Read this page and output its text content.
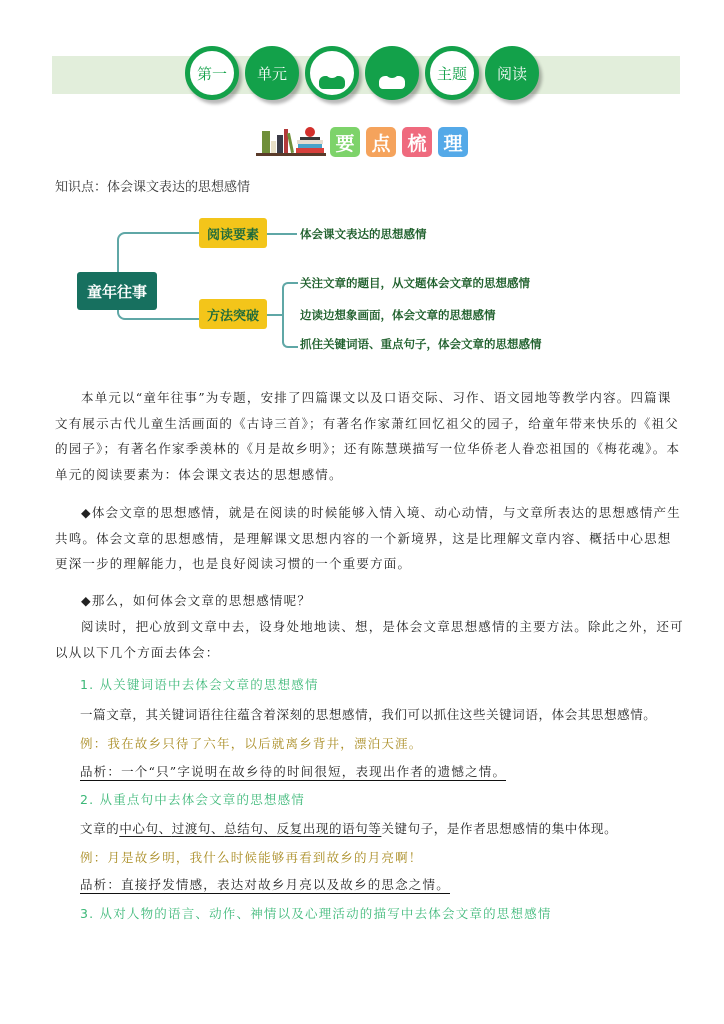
第一 单元	主题 阅读
要 点 梳 理
知识点：体会课文表达的思想感情
童年往事
阅读要素	体会课文表达的思想感情
方法突破
关注文章的题目，从文题体会文章的思想感情
边读边想象画面，体会文章的思想感情
抓住关键词语、重点句子，体会文章的思想感情
本单元以“童年往事”为专题，安排了四篇课文以及口语交际、习作、语文园地等教学内容。四篇课文有展示古代儿童生活画面的《古诗三首》；有著名作家萧红回忆祖父的园子，给童年带来快乐的《祖父的园子》；有著名作家季羡林的《月是故乡明》；还有陈慧瑛描写一位华侨老人眷恋祖国的《梅花魂》。本单元的阅读要素为：体会课文表达的思想感情。
◆体会文章的思想感情，就是在阅读的时候能够入情入境、动心动情，与文章所表达的思想感情产生共鸣。体会文章的思想感情，是理解课文思想内容的一个新境界，这是比理解文章内容、概括中心思想更深一步的理解能力，也是良好阅读习惯的一个重要方面。
◆那么，如何体会文章的思想感情呢？
阅读时，把心放到文章中去，设身处地地读、想，是体会文章思想感情的主要方法。除此之外，还可以从以下几个方面去体会：
1. 从关键词语中去体会文章的思想感情
一篇文章，其关键词语往往蕴含着深刻的思想感情，我们可以抓住这些关键词语，体会其思想感情。
例：我在故乡只待了六年，以后就离乡背井，漂泊天涯。
品析：一个“只”字说明在故乡待的时间很短，表现出作者的遗憾之情。
2. 从重点句中去体会文章的思想感情
文章的中心句、过渡句、总结句、反复出现的语句等关键句子，是作者思想感情的集中体现。
例：月是故乡明，我什么时候能够再看到故乡的月亮啊！
品析：直接抒发情感，表达对故乡月亮以及故乡的思念之情。
3. 从对人物的语言、动作、神情以及心理活动的描写中去体会文章的思想感情
